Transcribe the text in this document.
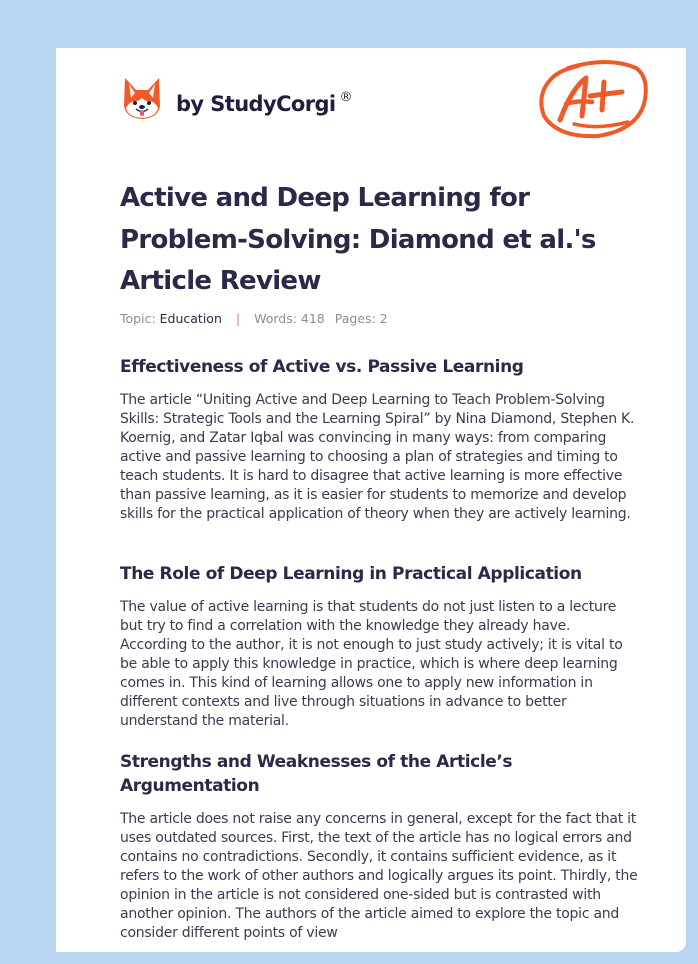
by StudyCorgi ®
Active and Deep Learning for Problem-Solving: Diamond et al.'s Article Review
Topic: Education | Words: 418 Pages: 2
Effectiveness of Active vs. Passive Learning

The article “Uniting Active and Deep Learning to Teach Problem-Solving Skills: Strategic Tools and the Learning Spiral” by Nina Diamond, Stephen K. Koernig, and Zatar Iqbal was convincing in many ways: from comparing active and passive learning to choosing a plan of strategies and timing to teach students. It is hard to disagree that active learning is more effective than passive learning, as it is easier for students to memorize and develop skills for the practical application of theory when they are actively learning.

The Role of Deep Learning in Practical Application

The value of active learning is that students do not just listen to a lecture but try to find a correlation with the knowledge they already have. According to the author, it is not enough to just study actively; it is vital to be able to apply this knowledge in practice, which is where deep learning comes in. This kind of learning allows one to apply new information in different contexts and live through situations in advance to better understand the material.

Strengths and Weaknesses of the Article’s Argumentation

The article does not raise any concerns in general, except for the fact that it uses outdated sources. First, the text of the article has no logical errors and contains no contradictions. Secondly, it contains sufficient evidence, as it refers to the work of other authors and logically argues its point. Thirdly, the opinion in the article is not considered one-sided but is contrasted with another opinion. The authors of the article aimed to explore the topic and consider different points of view
